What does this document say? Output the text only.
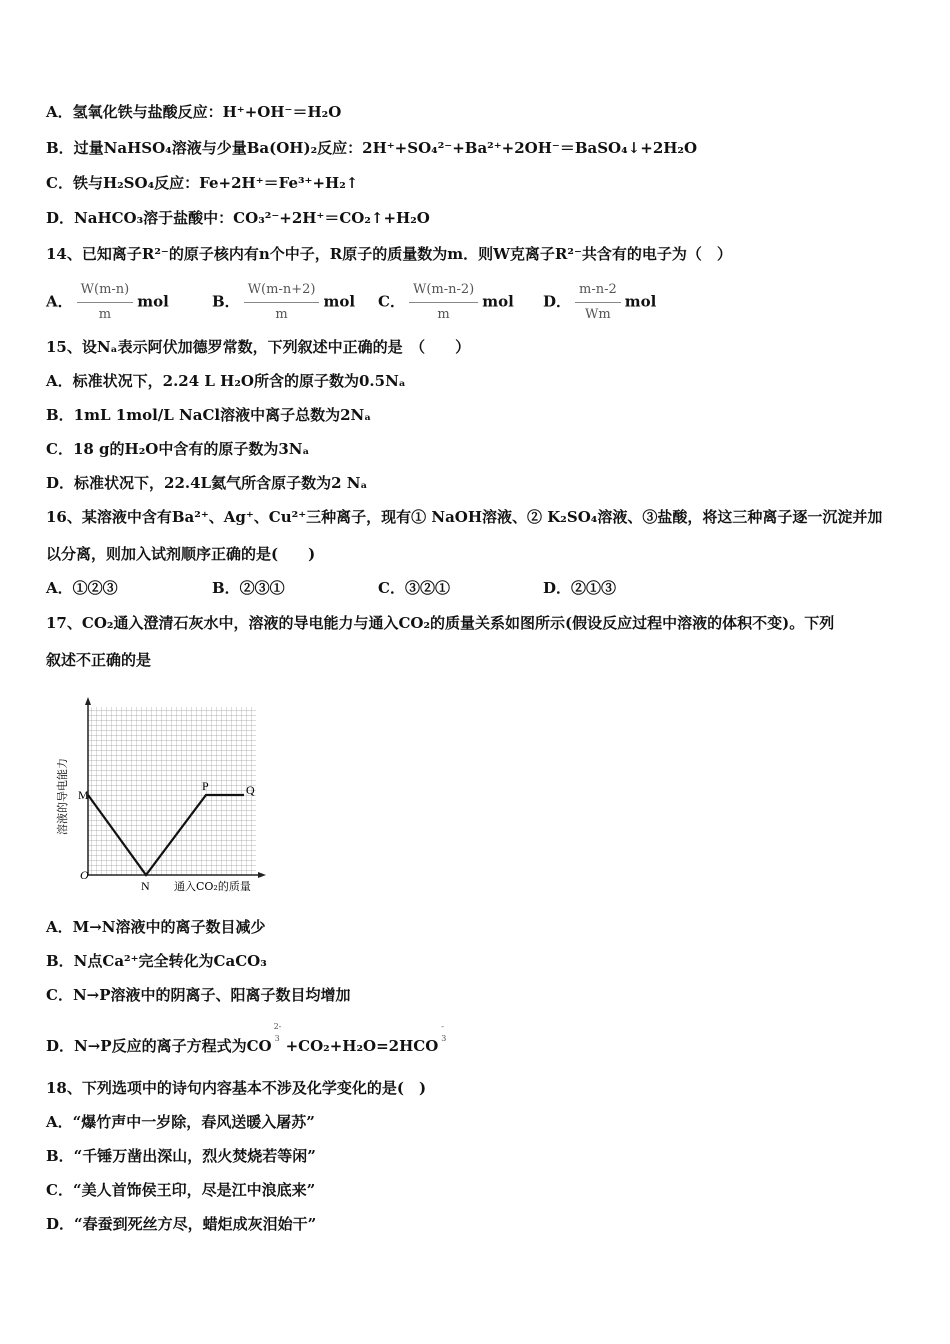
A．氢氧化铁与盐酸反应：H⁺+OH⁻＝H₂O
B．过量NaHSO₄溶液与少量Ba(OH)₂反应：2H⁺+SO₄²⁻+Ba²⁺+2OH⁻＝BaSO₄↓+2H₂O
C．铁与H₂SO₄反应：Fe+2H⁺＝Fe³⁺+H₂↑
D．NaHCO₃溶于盐酸中：CO₃²⁻+2H⁺＝CO₂↑+H₂O
14、已知离子R²⁻的原子核内有n个中子，R原子的质量数为m．则W克离子R²⁻共含有的电子为（　）
A． $\frac{W(m-n)}{m}$ mol	B． $\frac{W(m-n+2)}{m}$ mol C． $\frac{W(m-n-2)}{m}$ mol D． $\frac{m-n-2}{Wm}$ mol
15、设Nₐ表示阿伏加德罗常数，下列叙述中正确的是　（　　）
A．标准状况下，2.24 L H₂O所含的原子数为0.5Nₐ
B．1mL 1mol/L NaCl溶液中离子总数为2Nₐ
C．18 g的H₂O中含有的原子数为3Nₐ
D．标准状况下，22.4L氦气所含原子数为2 Nₐ
16、某溶液中含有Ba²⁺、Ag⁺、Cu²⁺三种离子，现有① NaOH溶液、② K₂SO₄溶液、③盐酸，将这三种离子逐一沉淀并加
以分离，则加入试剂顺序正确的是(　　)
A．①②③	B．②③①	C．③②①	D．②①③
17、CO₂通入澄清石灰水中，溶液的导电能力与通入CO₂的质量关系如图所示(假设反应过程中溶液的体积不变)。下列
叙述不正确的是
O
M
N
P	Q
通入CO₂的质量
溶液的导电能力
A．M→N溶液中的离子数目减少
B．N点Ca²⁺完全转化为CaCO₃
C．N→P溶液中的阴离子、阳离子数目均增加
D．N→P反应的离子方程式为CO
2-
3 +CO₂+H₂O=2HCO
-
3
18、下列选项中的诗句内容基本不涉及化学变化的是(　)
A．“爆竹声中一岁除，春风送暖入屠苏”
B．“千锤万凿出深山，烈火焚烧若等闲”
C．“美人首饰侯王印，尽是江中浪底来”
D．“春蚕到死丝方尽，蜡炬成灰泪始干”
